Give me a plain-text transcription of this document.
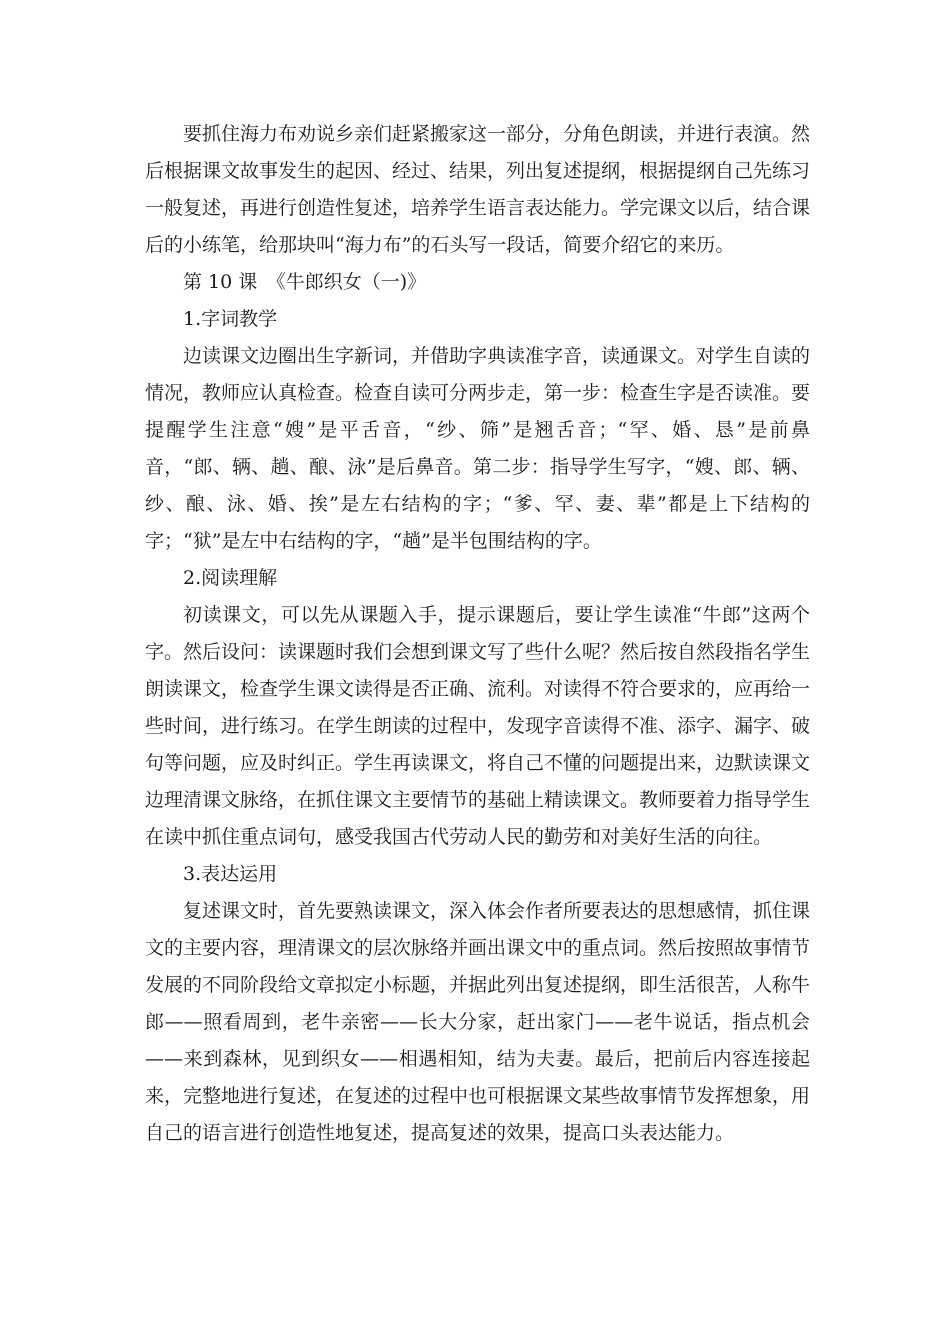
要抓住海力布劝说乡亲们赶紧搬家这一部分，分角色朗读，并进行表演。然后根据课文故事发生的起因、经过、结果，列出复述提纲，根据提纲自己先练习一般复述，再进行创造性复述，培养学生语言表达能力。学完课文以后，结合课后的小练笔，给那块叫“海力布”的石头写一段话，简要介绍它的来历。

第 10 课　《牛郎织女（一)》

1.字词教学

边读课文边圈出生字新词，并借助字典读准字音，读通课文。对学生自读的情况，教师应认真检查。检查自读可分两步走，第一步：检查生字是否读准。要提醒学生注意“嫂”是平舌音，“纱、筛”是翘舌音；“罕、婚、恳”是前鼻音，“郎、辆、趟、酿、泳”是后鼻音。第二步：指导学生写字，“嫂、郎、辆、纱、酿、泳、婚、挨”是左右结构的字；“爹、罕、妻、辈”都是上下结构的字；“狱”是左中右结构的字，“趟”是半包围结构的字。

2.阅读理解

初读课文，可以先从课题入手，提示课题后，要让学生读准“牛郎”这两个字。然后设问：读课题时我们会想到课文写了些什么呢？然后按自然段指名学生朗读课文，检查学生课文读得是否正确、流利。对读得不符合要求的，应再给一些时间，进行练习。在学生朗读的过程中，发现字音读得不准、添字、漏字、破句等问题，应及时纠正。学生再读课文，将自己不懂的问题提出来，边默读课文边理清课文脉络，在抓住课文主要情节的基础上精读课文。教师要着力指导学生在读中抓住重点词句，感受我国古代劳动人民的勤劳和对美好生活的向往。

3.表达运用

复述课文时，首先要熟读课文，深入体会作者所要表达的思想感情，抓住课文的主要内容，理清课文的层次脉络并画出课文中的重点词。然后按照故事情节发展的不同阶段给文章拟定小标题，并据此列出复述提纲，即生活很苦，人称牛郎——照看周到，老牛亲密——长大分家，赶出家门——老牛说话，指点机会——来到森林，见到织女——相遇相知，结为夫妻。最后，把前后内容连接起来，完整地进行复述，在复述的过程中也可根据课文某些故事情节发挥想象，用自己的语言进行创造性地复述，提高复述的效果，提高口头表达能力。
